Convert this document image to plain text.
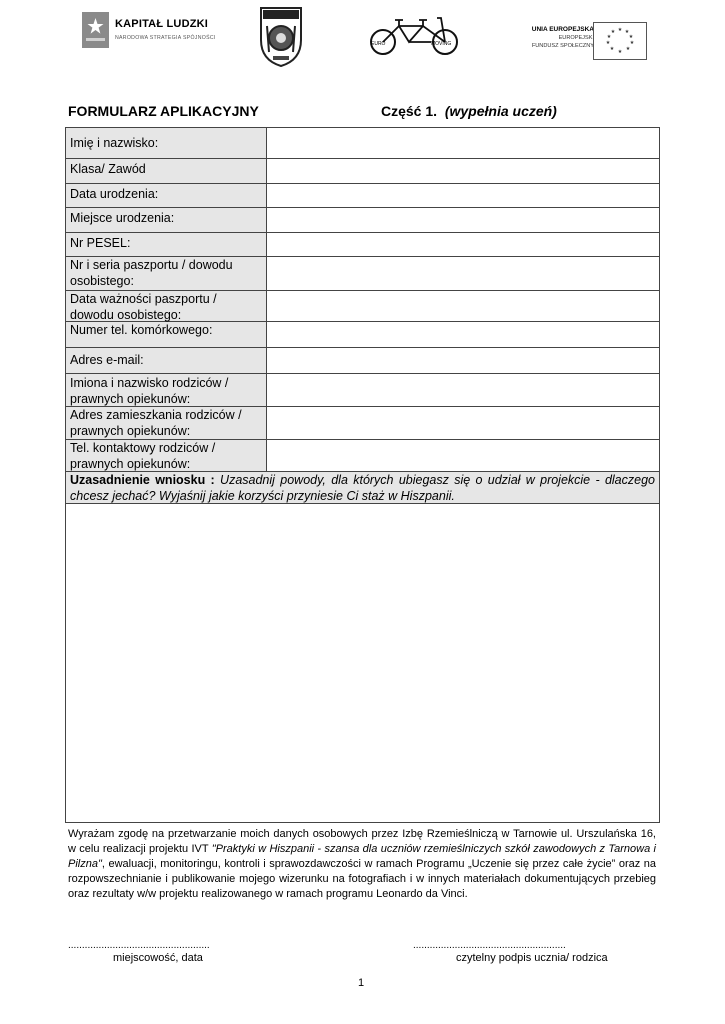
KAPITAŁ LUDZKI
NARODOWA STRATEGIA SPÓJNOŚCI
EURO	MOVING
UNIA EUROPEJSKA
EUROPEJSKI
FUNDUSZ SPOŁECZNY
★ ★
★
★
★
★
★
★
★
★
FORMULARZ APLIKACYJNY	Część 1.  (wypełnia uczeń)
Imię i nazwisko:
Klasa/ Zawód
Data urodzenia:
Miejsce urodzenia:
Nr PESEL:
Nr i seria paszportu / dowodu osobistego:
Data ważności paszportu / dowodu osobistego:
Numer tel. komórkowego:
Adres e-mail:
Imiona i nazwisko rodziców / prawnych opiekunów:
Adres zamieszkania rodziców / prawnych opiekunów:
Tel. kontaktowy rodziców / prawnych opiekunów:
Uzasadnienie wniosku : Uzasadnij powody, dla których ubiegasz się o udział w projekcie - dlaczego chcesz jechać? Wyjaśnij jakie korzyści przyniesie Ci staż w Hiszpanii.
Wyrażam zgodę na przetwarzanie moich danych osobowych przez Izbę Rzemieślniczą w Tarnowie ul. Urszulańska 16, w celu realizacji projektu IVT "Praktyki w Hiszpanii - szansa dla uczniów rzemieślniczych szkół zawodowych z Tarnowa i Pilzna", ewaluacji, monitoringu, kontroli i sprawozdawczości w ramach Programu „Uczenie się przez całe życie” oraz na rozpowszechnianie i publikowanie mojego wizerunku na fotografiach i w innych materiałach dokumentujących przebieg oraz rezultaty w/w projektu realizowanego w ramach programu Leonardo da Vinci.
...................................................	.......................................................
miejscowość, data	czytelny podpis ucznia/ rodzica
1
